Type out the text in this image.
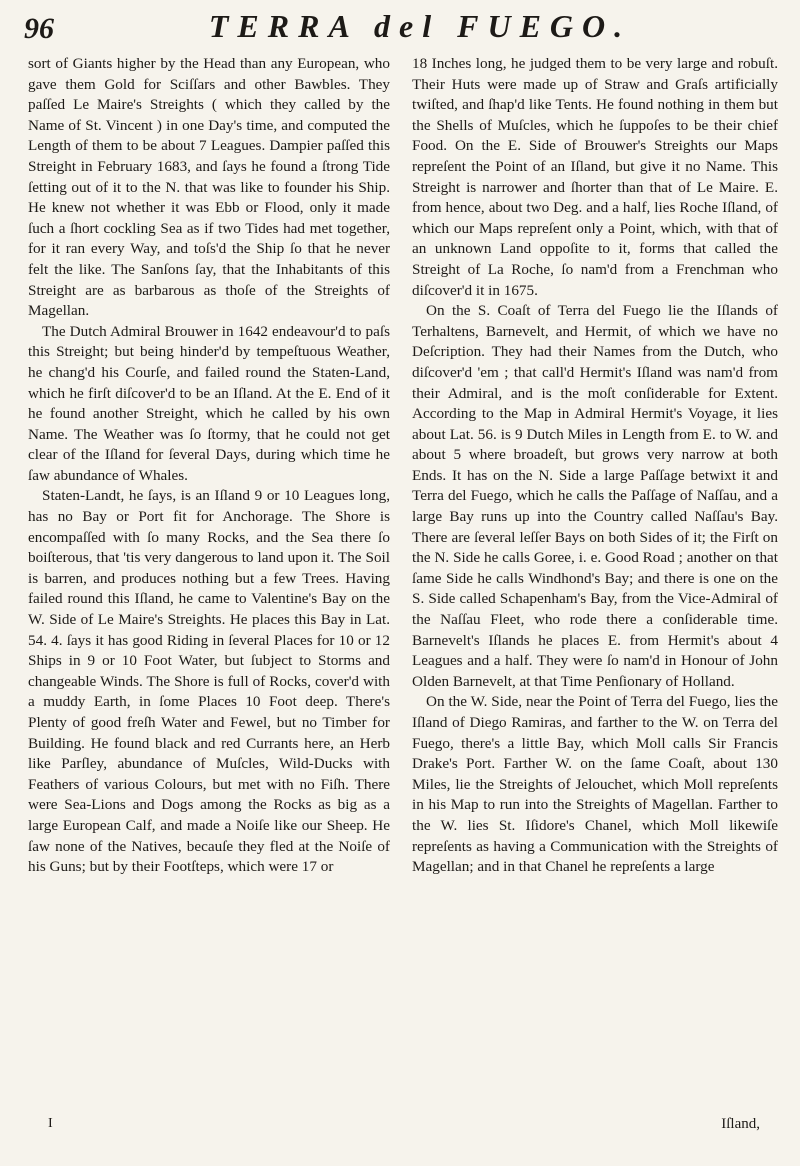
96	TERRA del FUEGO.

sort of Giants higher by the Head than any European, who gave them Gold for Sciſſars and other Bawbles. They paſſed Le Maire's Streights ( which they called by the Name of St. Vincent ) in one Day's time, and computed the Length of them to be about 7 Leagues. Dampier paſſed this Streight in February 1683, and ſays he found a ſtrong Tide ſetting out of it to the N. that was like to founder his Ship. He knew not whether it was Ebb or Flood, only it made ſuch a ſhort cockling Sea as if two Tides had met together, for it ran every Way, and toſs'd the Ship ſo that he never felt the like. The Sanſons ſay, that the Inhabitants of this Streight are as barbarous as thoſe of the Streights of Magellan.

The Dutch Admiral Brouwer in 1642 endeavour'd to paſs this Streight; but being hinder'd by tempeſtuous Weather, he chang'd his Courſe, and failed round the Staten-Land, which he firſt diſcover'd to be an Iſland. At the E. End of it he found another Streight, which he called by his own Name. The Weather was ſo ſtormy, that he could not get clear of the Iſland for ſeveral Days, during which time he ſaw abundance of Whales.

Staten-Landt, he ſays, is an Iſland 9 or 10 Leagues long, has no Bay or Port fit for Anchorage. The Shore is encompaſſed with ſo many Rocks, and the Sea there ſo boiſterous, that 'tis very dangerous to land upon it. The Soil is barren, and produces nothing but a few Trees. Having failed round this Iſland, he came to Valentine's Bay on the W. Side of Le Maire's Streights. He places this Bay in Lat. 54. 4. ſays it has good Riding in ſeveral Places for 10 or 12 Ships in 9 or 10 Foot Water, but ſubject to Storms and changeable Winds. The Shore is full of Rocks, cover'd with a muddy Earth, in ſome Places 10 Foot deep. There's Plenty of good freſh Water and Fewel, but no Timber for Building. He found black and red Currants here, an Herb like Parſley, abundance of Muſcles, Wild-Ducks with Feathers of various Colours, but met with no Fiſh. There were Sea-Lions and Dogs among the Rocks as big as a large European Calf, and made a Noiſe like our Sheep. He ſaw none of the Natives, becauſe they fled at the Noiſe of his Guns; but by their Footſteps, which were 17 or

18 Inches long, he judged them to be very large and robuſt. Their Huts were made up of Straw and Graſs artificially twiſted, and ſhap'd like Tents. He found nothing in them but the Shells of Muſcles, which he ſuppoſes to be their chief Food. On the E. Side of Brouwer's Streights our Maps repreſent the Point of an Iſland, but give it no Name. This Streight is narrower and ſhorter than that of Le Maire. E. from hence, about two Deg. and a half, lies Roche Iſland, of which our Maps repreſent only a Point, which, with that of an unknown Land oppoſite to it, forms that called the Streight of La Roche, ſo nam'd from a Frenchman who diſcover'd it in 1675.

On the S. Coaſt of Terra del Fuego lie the Iſlands of Terhaltens, Barnevelt, and Hermit, of which we have no Deſcription. They had their Names from the Dutch, who diſcover'd 'em ; that call'd Hermit's Iſland was nam'd from their Admiral, and is the moſt conſiderable for Extent. According to the Map in Admiral Hermit's Voyage, it lies about Lat. 56. is 9 Dutch Miles in Length from E. to W. and about 5 where broadeſt, but grows very narrow at both Ends. It has on the N. Side a large Paſſage betwixt it and Terra del Fuego, which he calls the Paſſage of Naſſau, and a large Bay runs up into the Country called Naſſau's Bay. There are ſeveral leſſer Bays on both Sides of it; the Firſt on the N. Side he calls Goree, i. e. Good Road ; another on that ſame Side he calls Windhond's Bay; and there is one on the S. Side called Schapenham's Bay, from the Vice-Admiral of the Naſſau Fleet, who rode there a conſiderable time. Barnevelt's Iſlands he places E. from Hermit's about 4 Leagues and a half. They were ſo nam'd in Honour of John Olden Barnevelt, at that Time Penſionary of Holland.

On the W. Side, near the Point of Terra del Fuego, lies the Iſland of Diego Ramiras, and farther to the W. on Terra del Fuego, there's a little Bay, which Moll calls Sir Francis Drake's Port. Farther W. on the ſame Coaſt, about 130 Miles, lie the Streights of Jelouchet, which Moll repreſents in his Map to run into the Streights of Magellan. Farther to the W. lies St. Iſidore's Chanel, which Moll likewiſe repreſents as having a Communication with the Streights of Magellan; and in that Chanel he repreſents a large

I	Iſland,
